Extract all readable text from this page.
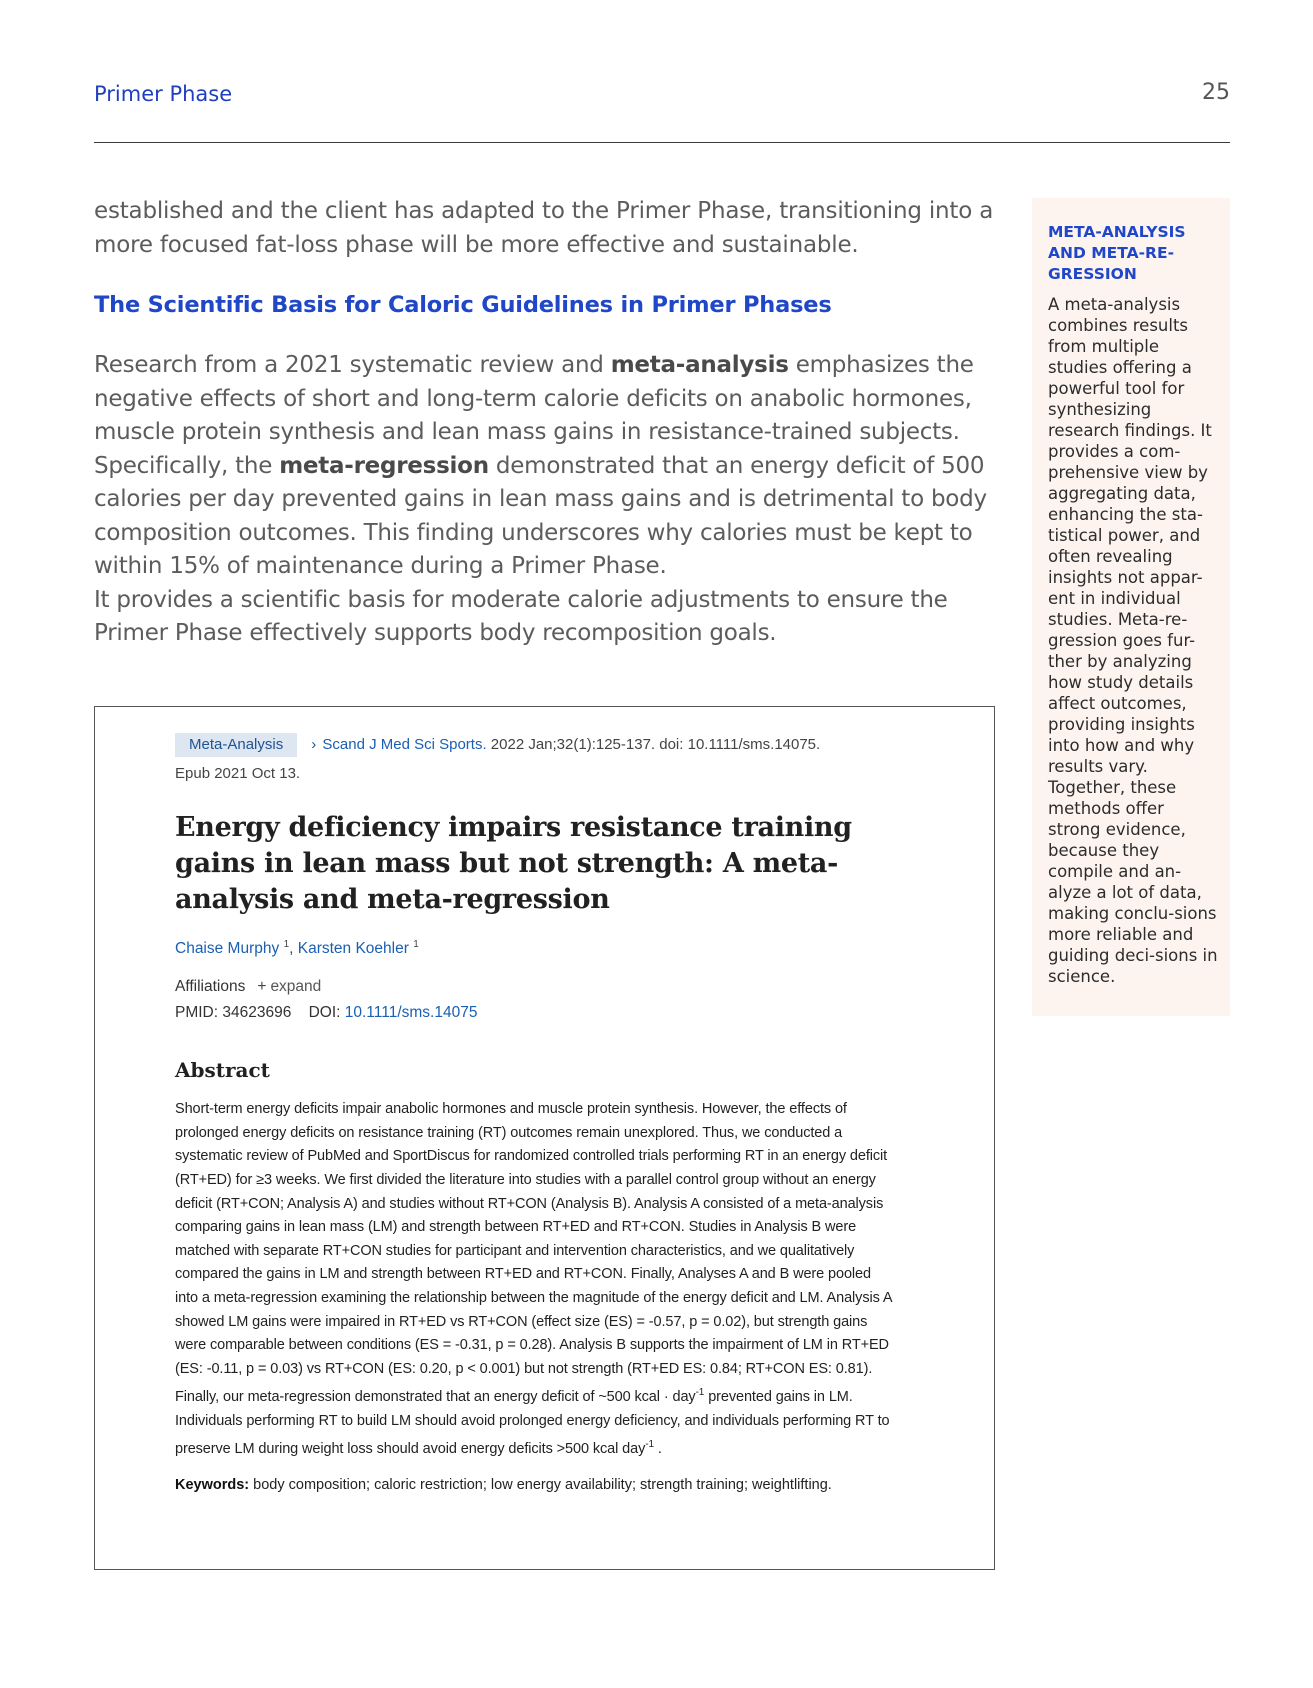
Primer Phase	25

established and the client has adapted to the Primer Phase, transitioning into a more focused fat-loss phase will be more effective and sustainable.

The Scientific Basis for Caloric Guidelines in Primer Phases

Research from a 2021 systematic review and meta-analysis emphasizes the negative effects of short and long-term calorie deficits on anabolic hormones, muscle protein synthesis and lean mass gains in resistance-trained subjects. Specifically, the meta-regression demonstrated that an energy deficit of 500 calories per day prevented gains in lean mass gains and is detrimental to body composition outcomes. This finding underscores why calories must be kept to within 15% of maintenance during a Primer Phase.
It provides a scientific basis for moderate calorie adjustments to ensure the Primer Phase effectively supports body recomposition goals.

META-ANALYSIS AND META-RE-GRESSION

A meta-analysis combines results from multiple studies offering a powerful tool for synthesizing research findings. It provides a com-prehensive view by aggregating data, enhancing the sta-tistical power, and often revealing insights not appar-ent in individual studies. Meta-re-gression goes fur-ther by analyzing how study details affect outcomes, providing insights into how and why results vary. Together, these methods offer strong evidence, because they compile and an-alyze a lot of data, making conclu-sions more reliable and guiding deci-sions in science.

Meta-Analysis › Scand J Med Sci Sports. 2022 Jan;32(1):125-137. doi: 10.1111/sms.14075.
Epub 2021 Oct 13.
Energy deficiency impairs resistance training gains in lean mass but not strength: A meta-analysis and meta-regression
Chaise Murphy $^1$, Karsten Koehler $^1$
Affiliations + expand
PMID: 34623696 DOI: 10.1111/sms.14075
Abstract

Short-term energy deficits impair anabolic hormones and muscle protein synthesis. However, the effects of prolonged energy deficits on resistance training (RT) outcomes remain unexplored. Thus, we conducted a systematic review of PubMed and SportDiscus for randomized controlled trials performing RT in an energy deficit (RT+ED) for ≥3 weeks. We first divided the literature into studies with a parallel control group without an energy deficit (RT+CON; Analysis A) and studies without RT+CON (Analysis B). Analysis A consisted of a meta-analysis comparing gains in lean mass (LM) and strength between RT+ED and RT+CON. Studies in Analysis B were matched with separate RT+CON studies for participant and intervention characteristics, and we qualitatively compared the gains in LM and strength between RT+ED and RT+CON. Finally, Analyses A and B were pooled into a meta-regression examining the relationship between the magnitude of the energy deficit and LM. Analysis A showed LM gains were impaired in RT+ED vs RT+CON (effect size (ES) = -0.57, p = 0.02), but strength gains were comparable between conditions (ES = -0.31, p = 0.28). Analysis B supports the impairment of LM in RT+ED (ES: -0.11, p = 0.03) vs RT+CON (ES: 0.20, p < 0.001) but not strength (RT+ED ES: 0.84; RT+CON ES: 0.81). Finally, our meta-regression demonstrated that an energy deficit of ~500 kcal · day$^{-1}$ prevented gains in LM. Individuals performing RT to build LM should avoid prolonged energy deficiency, and individuals performing RT to preserve LM during weight loss should avoid energy deficits >500 kcal day$^{-1}$ .

Keywords: body composition; caloric restriction; low energy availability; strength training; weightlifting.
